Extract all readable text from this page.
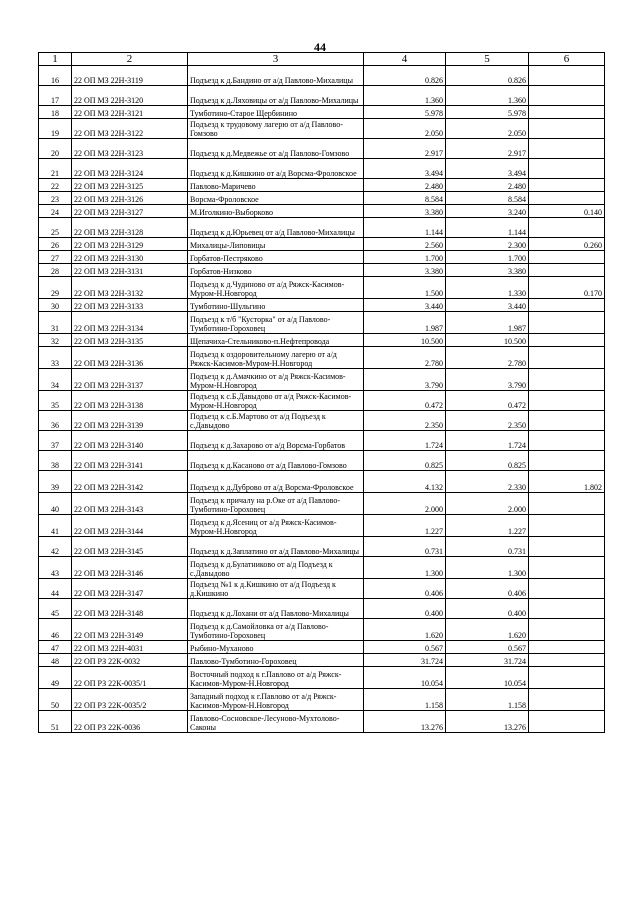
44
1	2	3	4	5	6
16	22 ОП МЗ 22Н-3119	Подъезд к д.Бандино от а/д Павлово-Михалицы	0.826	0.826	
17	22 ОП МЗ 22Н-3120	Подъезд к д.Ляховицы от а/д Павлово-Михалицы	1.360	1.360	
18	22 ОП МЗ 22Н-3121	Тумботино-Старое Щербинино	5.978	5.978	
19	22 ОП МЗ 22Н-3122	Подъезд к трудовому лагерю от а/д Павлово-Гомзово	2.050	2.050	
20	22 ОП МЗ 22Н-3123	Подъезд к д.Медвежье от а/д Павлово-Гомзово	2.917	2.917	
21	22 ОП МЗ 22Н-3124	Подъезд к д.Кишкино от а/д Ворсма-Фроловское	3.494	3.494	
22	22 ОП МЗ 22Н-3125	Павлово-Маричево	2.480	2.480	
23	22 ОП МЗ 22Н-3126	Ворсма-Фроловское	8.584	8.584	
24	22 ОП МЗ 22Н-3127	М.Иголкино-Выборково	3.380	3.240	0.140
25	22 ОП МЗ 22Н-3128	Подъезд к д.Юрьевец от а/д Павлово-Михалицы	1.144	1.144	
26	22 ОП МЗ 22Н-3129	Михалицы-Липовицы	2.560	2.300	0.260
27	22 ОП МЗ 22Н-3130	Горбатов-Пестряково	1.700	1.700	
28	22 ОП МЗ 22Н-3131	Горбатов-Низково	3.380	3.380	
29	22 ОП МЗ 22Н-3132	Подъезд к д.Чудиново от а/д Ряжск-Касимов-Муром-Н.Новгород	1.500	1.330	0.170
30	22 ОП МЗ 22Н-3133	Тумботино-Шульгино	3.440	3.440	
31	22 ОП МЗ 22Н-3134	Подъезд к т/б "Кусторка" от а/д Павлово-Тумботино-Гороховец	1.987	1.987	
32	22 ОП МЗ 22Н-3135	Щепачиха-Стельниково-п.Нефтепровода	10.500	10.500	
33	22 ОП МЗ 22Н-3136	Подъезд к оздоровительному лагерю от а/д Ряжск-Касимов-Муром-Н.Новгород	2.780	2.780	
34	22 ОП МЗ 22Н-3137	Подъезд к д.Амачкино от а/д Ряжск-Касимов-Муром-Н.Новгород	3.790	3.790	
35	22 ОП МЗ 22Н-3138	Подъезд к с.Б.Давыдово от а/д Ряжск-Касимов-Муром-Н.Новгород	0.472	0.472	
36	22 ОП МЗ 22Н-3139	Подъезд к с.Б.Мартово от а/д Подъезд к с.Давыдово	2.350	2.350	
37	22 ОП МЗ 22Н-3140	Подъезд к д.Захарово от а/д Ворсма-Горбатов	1.724	1.724	
38	22 ОП МЗ 22Н-3141	Подъезд к д.Касаново от а/д Павлово-Гомзово	0.825	0.825	
39	22 ОП МЗ 22Н-3142	Подъезд к д.Дуброво от а/д Ворсма-Фроловское	4.132	2.330	1.802
40	22 ОП МЗ 22Н-3143	Подъезд к причалу на р.Оке от а/д Павлово-Тумботино-Гороховец	2.000	2.000	
41	22 ОП МЗ 22Н-3144	Подъезд к д.Ясениц от а/д Ряжск-Касимов-Муром-Н.Новгород	1.227	1.227	
42	22 ОП МЗ 22Н-3145	Подъезд к д.Заплатино от а/д Павлово-Михалицы	0.731	0.731	
43	22 ОП МЗ 22Н-3146	Подъезд к д.Булатниково от а/д Подъезд к с.Давыдово	1.300	1.300	
44	22 ОП МЗ 22Н-3147	Подъезд №1 к д.Кишкино от а/д Подъезд к д.Кишкино	0.406	0.406	
45	22 ОП МЗ 22Н-3148	Подъезд к д.Лохани от а/д Павлово-Михалицы	0.400	0.400	
46	22 ОП МЗ 22Н-3149	Подъезд к д.Самойловка от а/д Павлово-Тумботино-Гороховец	1.620	1.620	
47	22 ОП МЗ 22Н-4031	Рыбино-Муханово	0.567	0.567	
48	22 ОП РЗ 22К-0032	Павлово-Тумботино-Гороховец	31.724	31.724	
49	22 ОП РЗ 22К-0035/1	Восточный подход к г.Павлово от а/д Ряжск-Касимов-Муром-Н.Новгород	10.054	10.054	
50	22 ОП РЗ 22К-0035/2	Западный подход к г.Павлово от а/д Ряжск-Касимов-Муром-Н.Новгород	1.158	1.158	
51	22 ОП РЗ 22К-0036	Павлово-Сосновское-Лесуново-Мухтолово-Саконы	13.276	13.276	
